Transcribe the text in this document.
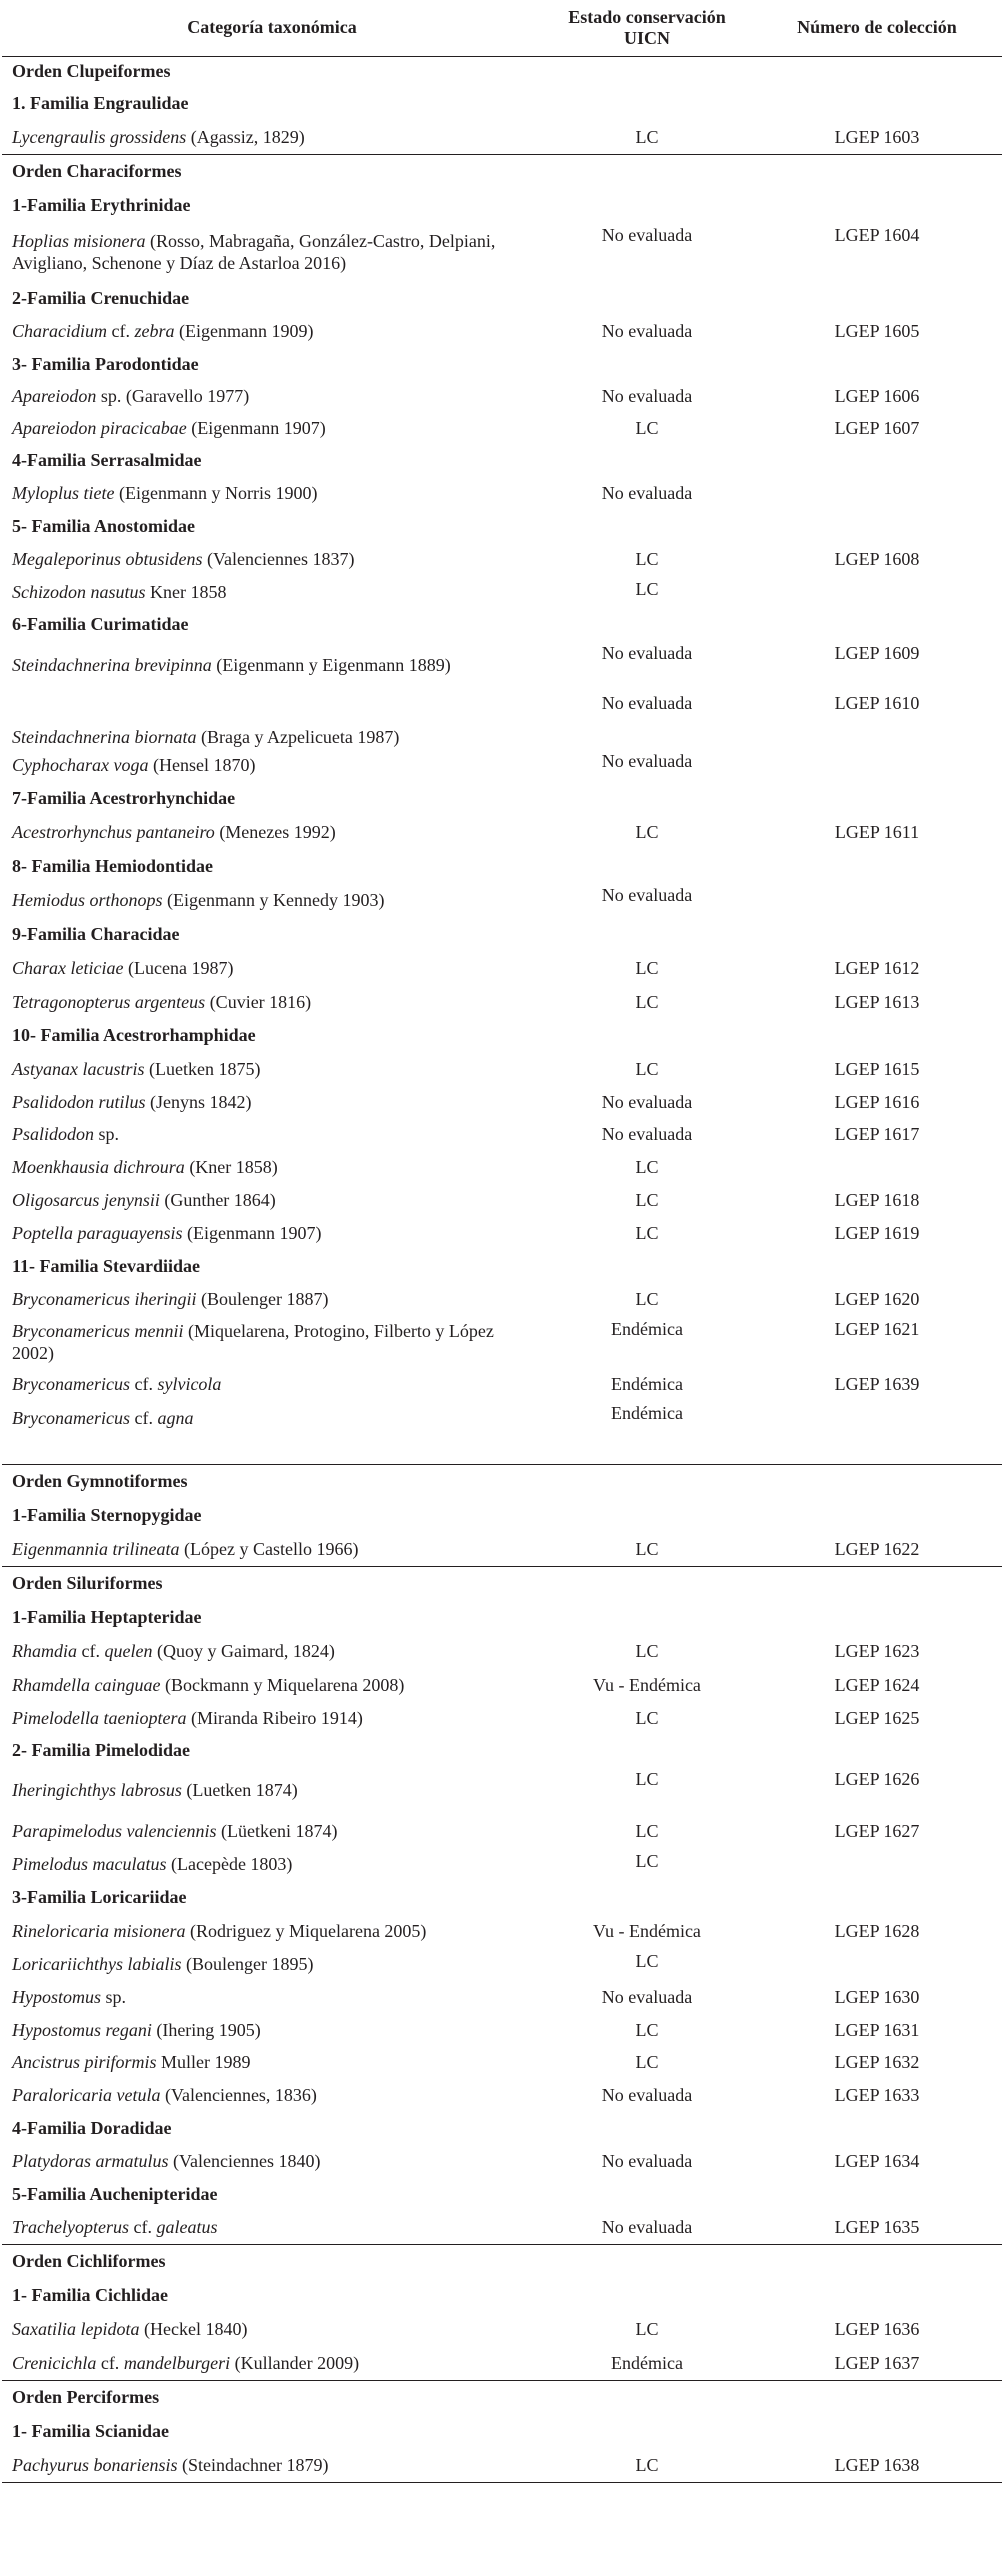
Categoría taxonómica	Estado conservación UICN	Número de colección
Orden Clupeiformes		
1. Familia Engraulidae		
Lycengraulis grossidens (Agassiz, 1829)	LC	LGEP 1603
Orden Characiformes		
1-Familia Erythrinidae		
Hoplias misionera (Rosso, Mabragaña, González-Castro, Delpiani, Avigliano, Schenone y Díaz de Astarloa 2016)	No evaluada	LGEP 1604
2-Familia Crenuchidae		
Characidium cf. zebra (Eigenmann 1909)	No evaluada	LGEP 1605
3- Familia Parodontidae		
Apareiodon sp. (Garavello 1977)	No evaluada	LGEP 1606
Apareiodon piracicabae (Eigenmann 1907)	LC	LGEP 1607
4-Familia Serrasalmidae		
Myloplus tiete (Eigenmann y Norris 1900)	No evaluada	
5- Familia Anostomidae		
Megaleporinus obtusidens (Valenciennes 1837)	LC	LGEP 1608
Schizodon nasutus Kner 1858	LC	
6-Familia Curimatidae		
Steindachnerina brevipinna (Eigenmann y Eigenmann 1889)	No evaluada	LGEP 1609
Steindachnerina biornata (Braga y Azpelicueta 1987)	No evaluada	LGEP 1610
Cyphocharax voga (Hensel 1870)	No evaluada	
7-Familia Acestrorhynchidae		
Acestrorhynchus pantaneiro (Menezes 1992)	LC	LGEP 1611
8- Familia Hemiodontidae		
Hemiodus orthonops (Eigenmann y Kennedy 1903)	No evaluada	
9-Familia Characidae		
Charax leticiae (Lucena 1987)	LC	LGEP 1612
Tetragonopterus argenteus (Cuvier 1816)	LC	LGEP 1613
10- Familia Acestrorhamphidae		
Astyanax lacustris (Luetken 1875)	LC	LGEP 1615
Psalidodon rutilus (Jenyns 1842)	No evaluada	LGEP 1616
Psalidodon sp.	No evaluada	LGEP 1617
Moenkhausia dichroura (Kner 1858)	LC	
Oligosarcus jenynsii (Gunther 1864)	LC	LGEP 1618
Poptella paraguayensis (Eigenmann 1907)	LC	LGEP 1619
11- Familia Stevardiidae		
Bryconamericus iheringii (Boulenger 1887)	LC	LGEP 1620
Bryconamericus mennii (Miquelarena, Protogino, Filberto y López 2002)	Endémica	LGEP 1621
Bryconamericus cf. sylvicola	Endémica	LGEP 1639
Bryconamericus cf. agna	Endémica	

Orden Gymnotiformes		
1-Familia Sternopygidae		
Eigenmannia trilineata (López y Castello 1966)	LC	LGEP 1622
Orden Siluriformes		
1-Familia Heptapteridae		
Rhamdia cf. quelen (Quoy y Gaimard, 1824)	LC	LGEP 1623
Rhamdella cainguae (Bockmann y Miquelarena 2008)	Vu - Endémica	LGEP 1624
Pimelodella taenioptera (Miranda Ribeiro 1914)	LC	LGEP 1625
2- Familia Pimelodidae		
Iheringichthys labrosus (Luetken 1874)	LC	LGEP 1626
Parapimelodus valenciennis (Lüetkeni 1874)	LC	LGEP 1627
Pimelodus maculatus (Lacepède 1803)	LC	
3-Familia Loricariidae		
Rineloricaria misionera (Rodriguez y Miquelarena 2005)	Vu - Endémica	LGEP 1628
Loricariichthys labialis (Boulenger 1895)	LC	
Hypostomus sp.	No evaluada	LGEP 1630
Hypostomus regani (Ihering 1905)	LC	LGEP 1631
Ancistrus piriformis Muller 1989	LC	LGEP 1632
Paraloricaria vetula (Valenciennes, 1836)	No evaluada	LGEP 1633
4-Familia Doradidae		
Platydoras armatulus (Valenciennes 1840)	No evaluada	LGEP 1634
5-Familia Auchenipteridae		
Trachelyopterus cf. galeatus	No evaluada	LGEP 1635
Orden Cichliformes		
1- Familia Cichlidae		
Saxatilia lepidota (Heckel 1840)	LC	LGEP 1636
Crenicichla cf. mandelburgeri (Kullander 2009)	Endémica	LGEP 1637
Orden Perciformes		
1- Familia Scianidae		
Pachyurus bonariensis (Steindachner 1879)	LC	LGEP 1638
